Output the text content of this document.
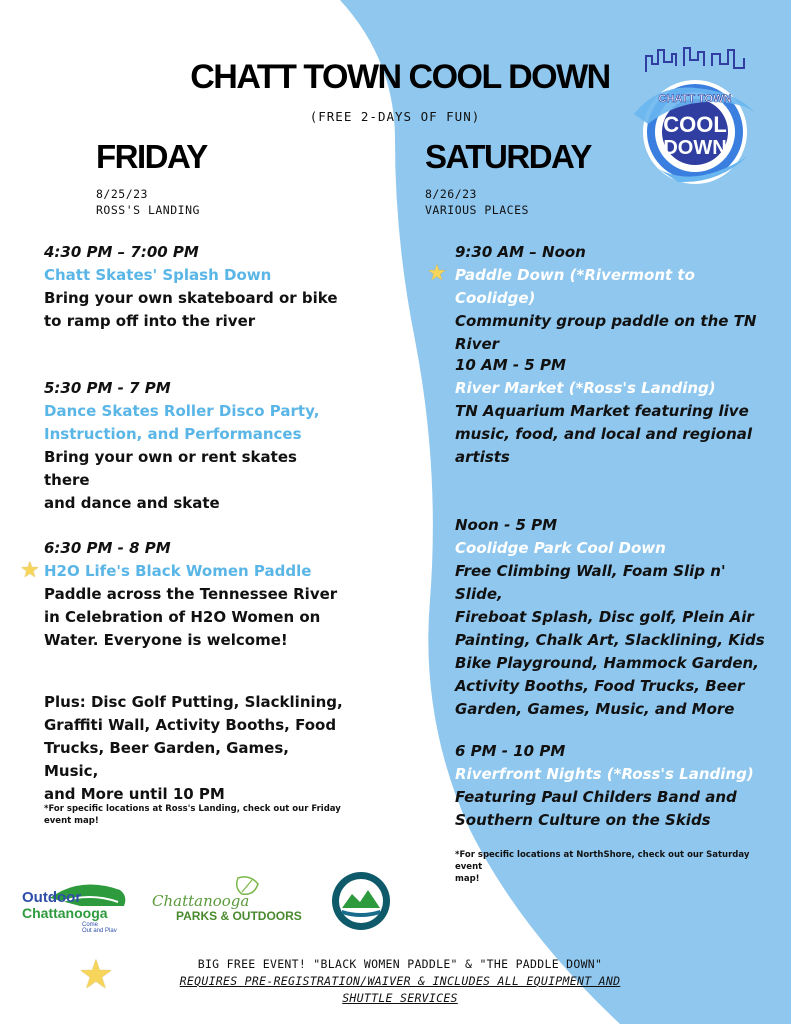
CHATT TOWN COOL DOWN
(FREE 2-DAYS OF FUN)
CHATT TOWN
COOL
DOWN
FRIDAY
8/25/23
ROSS'S LANDING
4:30 PM – 7:00 PM
Chatt Skates' Splash Down
Bring your own skateboard or bike
to ramp off into the river
5:30 PM - 7 PM
Dance Skates Roller Disco Party,
Instruction, and Performances
Bring your own or rent skates there
and dance and skate
★
6:30 PM - 8 PM
H2O Life's Black Women Paddle
Paddle across the Tennessee River
in Celebration of H2O Women on
Water. Everyone is welcome!
Plus: Disc Golf Putting, Slacklining,
Graffiti Wall, Activity Booths, Food
Trucks, Beer Garden, Games, Music,
and More until 10 PM
*For specific locations at Ross's Landing, check out our Friday
event map!
SATURDAY
8/26/23
VARIOUS PLACES
★
9:30 AM – Noon
Paddle Down (*Rivermont to Coolidge)
Community group paddle on the TN
River
10 AM - 5 PM
River Market (*Ross's Landing)
TN Aquarium Market featuring live
music, food, and local and regional
artists
Noon - 5 PM
Coolidge Park Cool Down
Free Climbing Wall, Foam Slip n' Slide,
Fireboat Splash, Disc golf, Plein Air
Painting, Chalk Art, Slacklining, Kids
Bike Playground, Hammock Garden,
Activity Booths, Food Trucks, Beer
Garden, Games, Music, and More
6 PM - 10 PM
Riverfront Nights (*Ross's Landing)
Featuring Paul Childers Band and
Southern Culture on the Skids
*For specific locations at NorthShore, check out our Saturday event
map!
Outdoor
Chattanooga
Come
Out and Play
Chattanooga
PARKS & OUTDOORS
★	BIG FREE EVENT! "BLACK WOMEN PADDLE" & "THE PADDLE DOWN"
REQUIRES PRE-REGISTRATION/WAIVER & INCLUDES ALL EQUIPMENT AND
SHUTTLE SERVICES
